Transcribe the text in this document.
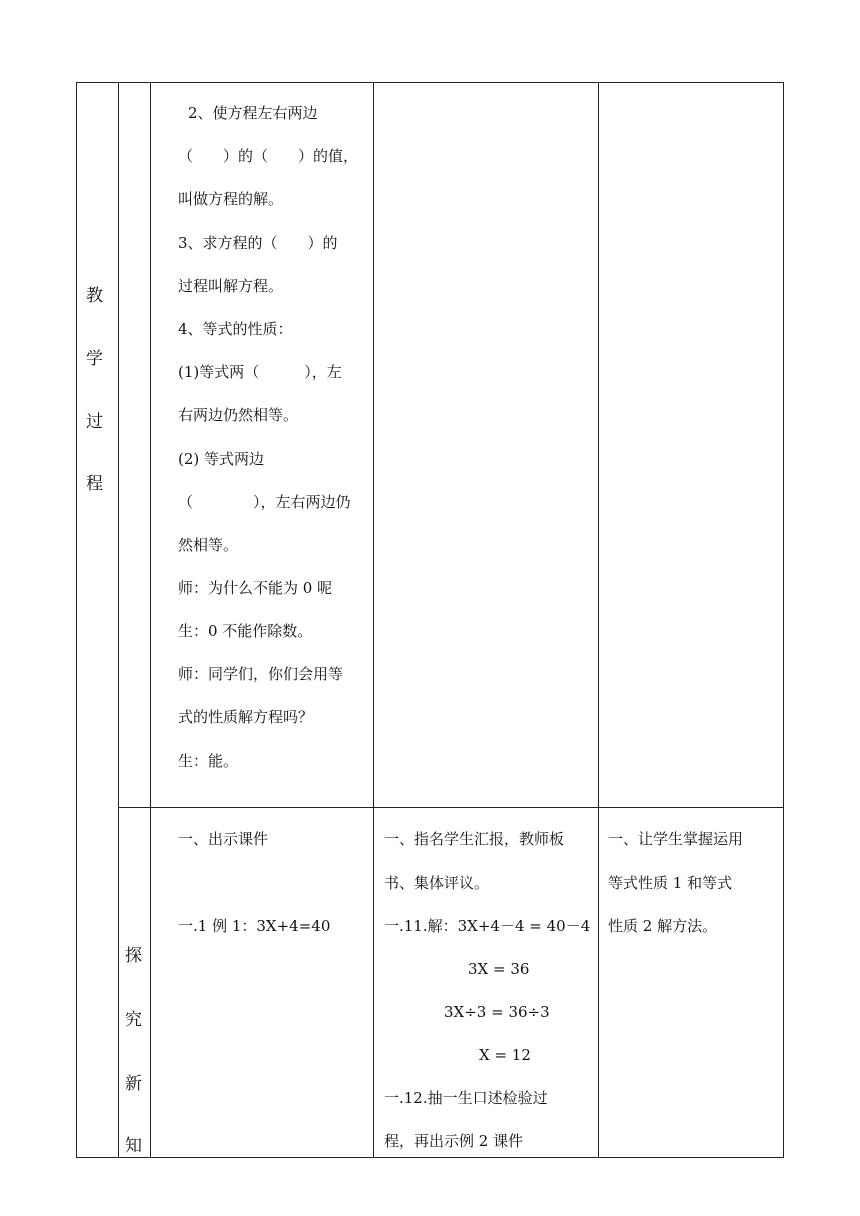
教
学
过
程
探
究
新
知
2、使方程左右两边
（　　）的（　　）的值，
叫做方程的解。
3、求方程的（　　）的
过程叫解方程。
4、等式的性质：
(1)等式两（　　　），左
右两边仍然相等。
(2) 等式两边
（　　　　），左右两边仍
然相等。
师：为什么不能为 0 呢
生：0 不能作除数。
师：同学们，你们会用等
式的性质解方程吗？
生：能。
一、出示课件
一.1 例 1：3X+4=40
一、指名学生汇报，教师板
书、集体评议。
一.11.解：3X+4－4 = 40－4
3X = 36
3X÷3 = 36÷3
X = 12
一.12.抽一生口述检验过
程，再出示例 2 课件
一、让学生掌握运用
等式性质 1 和等式
性质 2 解方法。
